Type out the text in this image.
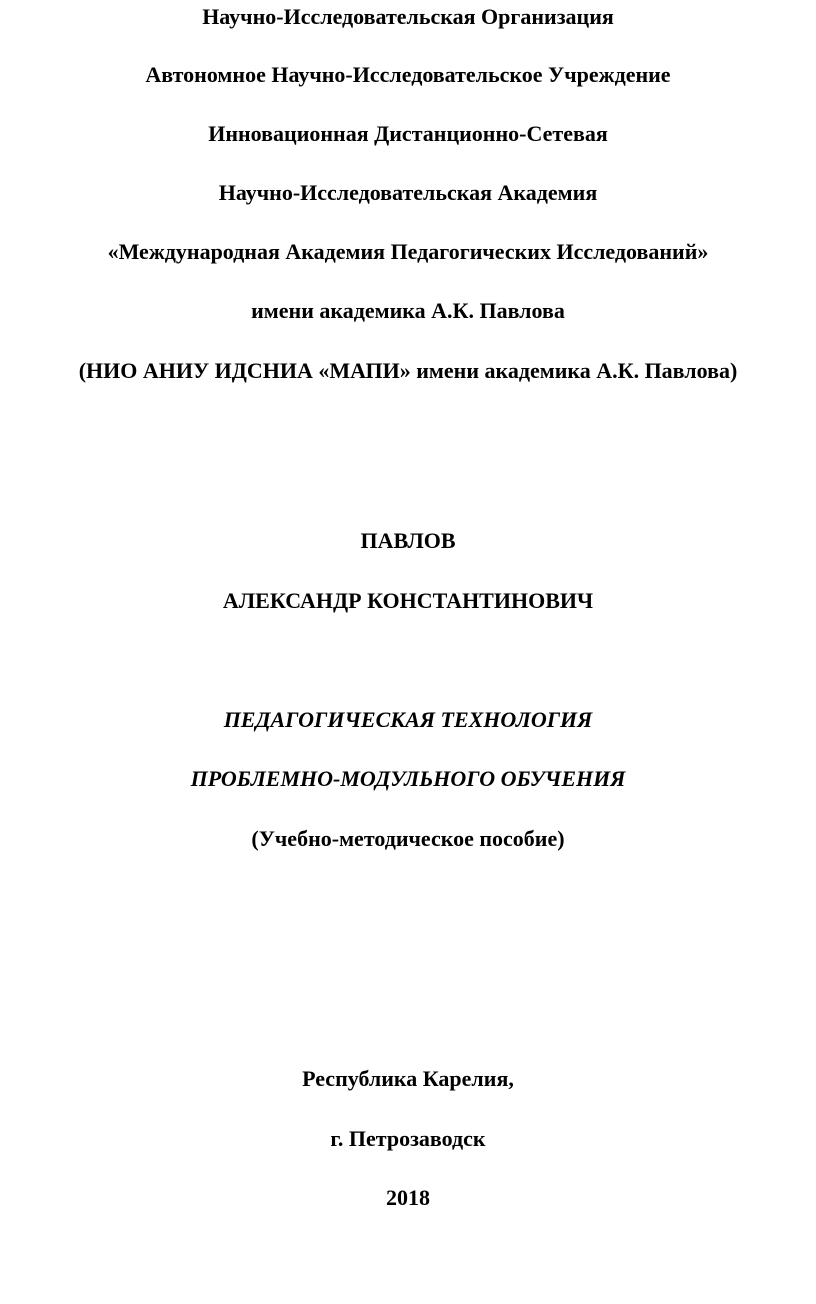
Научно-Исследовательская Организация
Автономное Научно-Исследовательское Учреждение
Инновационная Дистанционно-Сетевая
Научно-Исследовательская Академия
«Международная Академия Педагогических Исследований»
имени академика А.К. Павлова
(НИО АНИУ ИДСНИА «МАПИ» имени академика А.К. Павлова)
ПАВЛОВ
АЛЕКСАНДР КОНСТАНТИНОВИЧ
ПЕДАГОГИЧЕСКАЯ ТЕХНОЛОГИЯ
ПРОБЛЕМНО-МОДУЛЬНОГО ОБУЧЕНИЯ
(Учебно-методическое пособие)
Республика Карелия,
г. Петрозаводск
2018
